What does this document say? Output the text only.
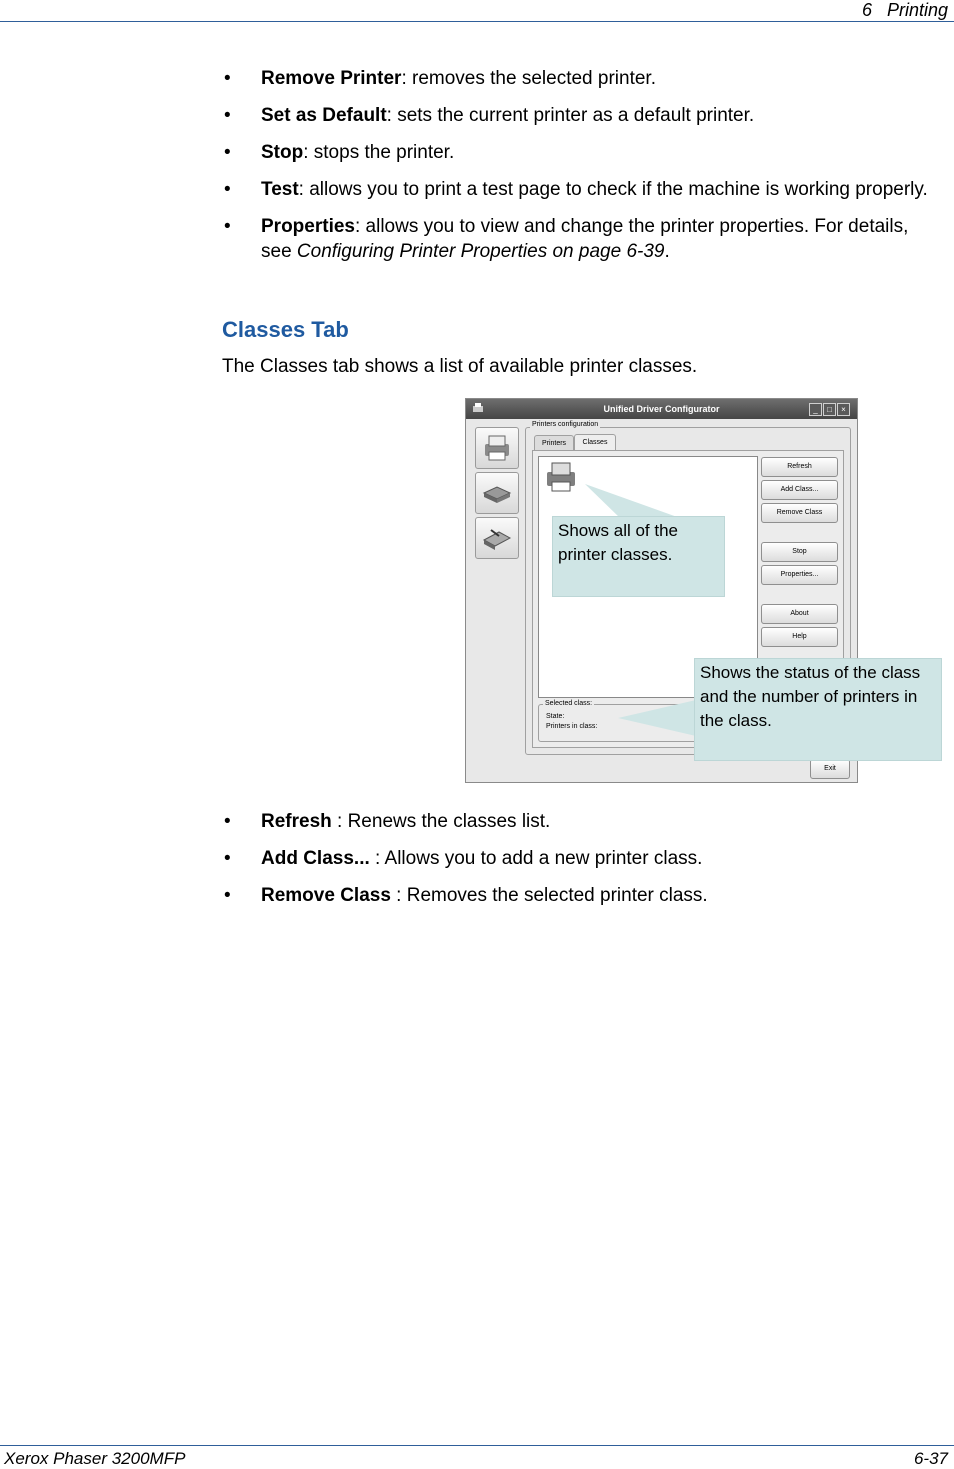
6 Printing
• Remove Printer: removes the selected printer.
• Set as Default: sets the current printer as a default printer.
• Stop: stops the printer.
• Test: allows you to print a test page to check if the machine is working properly.
• Properties: allows you to view and change the printer properties. For details, see Configuring Printer Properties on page 6-39.
Classes Tab
The Classes tab shows a list of available printer classes.
Unified Driver Configurator	_	□	×
Printers configuration
Printers	Classes
Refresh
Add Class...
Remove Class
Stop
Properties...
About
Help
Exit
Selected class:
State:
Printers in class:
Shows all of the printer classes.
Shows the status of the class and the number of printers in the class.
• Refresh : Renews the classes list.
• Add Class... : Allows you to add a new printer class.
• Remove Class : Removes the selected printer class.
Xerox Phaser 3200MFP	6-37
